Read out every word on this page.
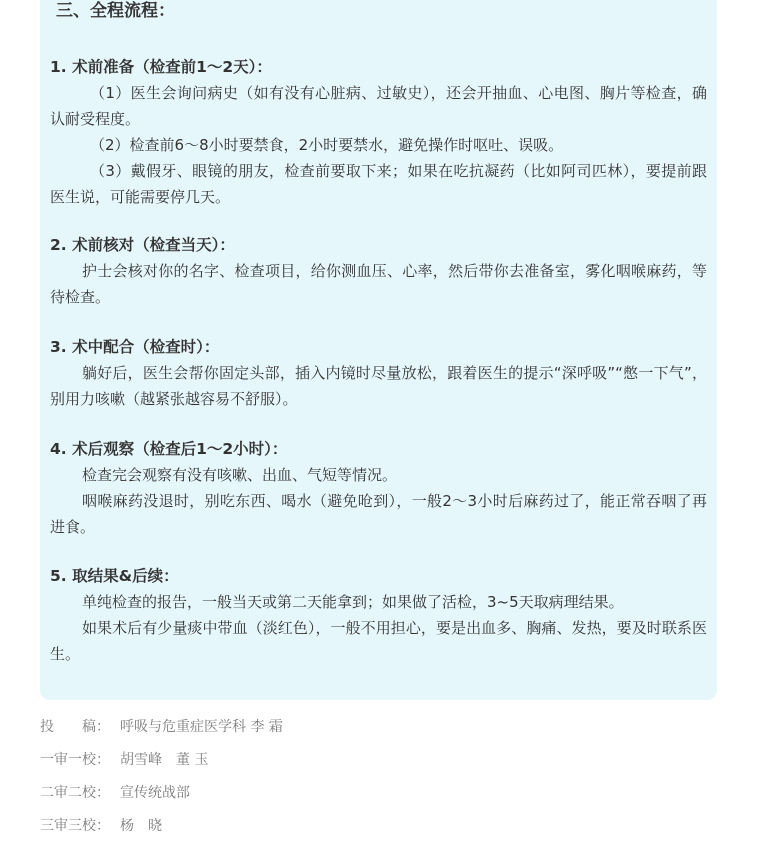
三、全程流程：

1. 术前准备（检查前1～2天）：

（1）医生会询问病史（如有没有心脏病、过敏史），还会开抽血、心电图、胸片等检查，确认耐受程度。

（2）检查前6～8小时要禁食，2小时要禁水，避免操作时呕吐、误吸。

（3）戴假牙、眼镜的朋友，检查前要取下来；如果在吃抗凝药（比如阿司匹林），要提前跟医生说，可能需要停几天。

2. 术前核对（检查当天）：

护士会核对你的名字、检查项目，给你测血压、心率，然后带你去准备室，雾化咽喉麻药，等待检查。

3. 术中配合（检查时）：

躺好后，医生会帮你固定头部，插入内镜时尽量放松，跟着医生的提示“深呼吸”“憋一下气”，别用力咳嗽（越紧张越容易不舒服）。

4. 术后观察（检查后1～2小时）：

检查完会观察有没有咳嗽、出血、气短等情况。

咽喉麻药没退时，别吃东西、喝水（避免呛到），一般2～3小时后麻药过了，能正常吞咽了再进食。

5. 取结果&后续：

单纯检查的报告，一般当天或第二天能拿到；如果做了活检，3~5天取病理结果。

如果术后有少量痰中带血（淡红色），一般不用担心，要是出血多、胸痛、发热，要及时联系医生。

投　　稿： 呼吸与危重症医学科 李 霜
一审一校： 胡雪峰　董 玉
二审二校： 宣传统战部
三审三校： 杨　晓
